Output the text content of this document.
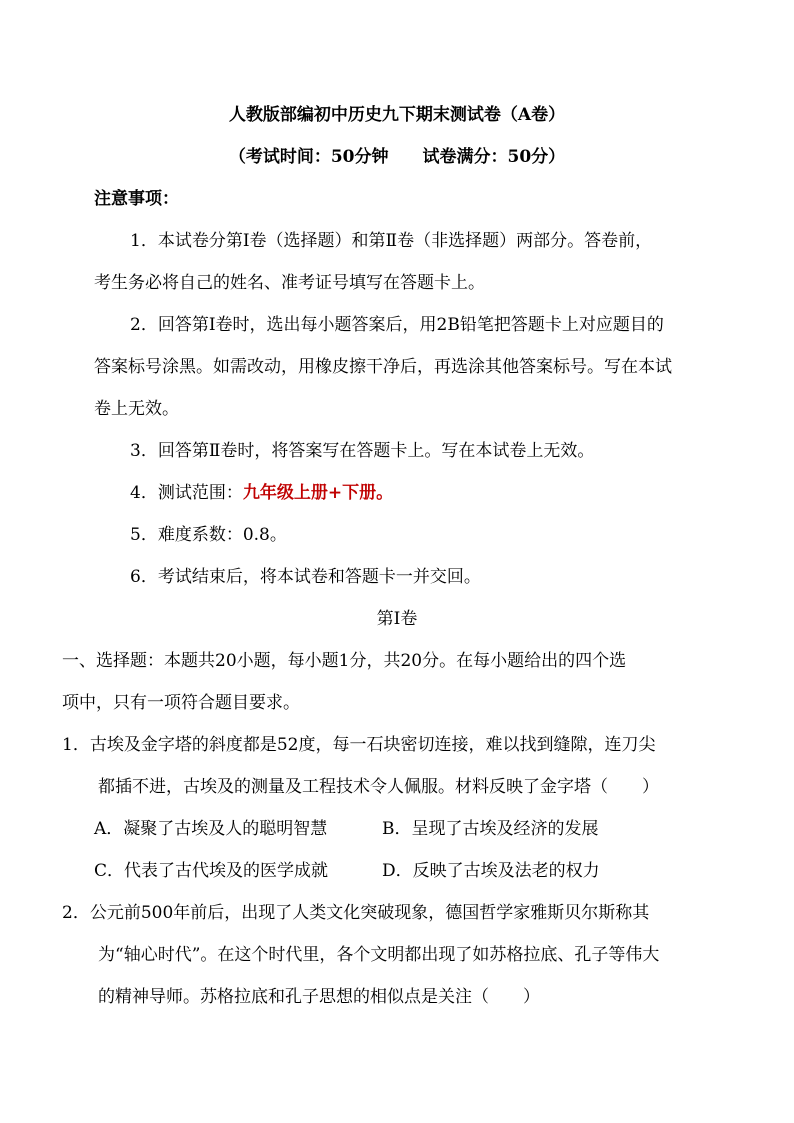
人教版部编初中历史九下期末测试卷（A卷）
（考试时间：50分钟　　试卷满分：50分）
注意事项：
1．本试卷分第Ⅰ卷（选择题）和第Ⅱ卷（非选择题）两部分。答卷前，
考生务必将自己的姓名、准考证号填写在答题卡上。
2．回答第Ⅰ卷时，选出每小题答案后，用2B铅笔把答题卡上对应题目的
答案标号涂黑。如需改动，用橡皮擦干净后，再选涂其他答案标号。写在本试
卷上无效。
3．回答第Ⅱ卷时，将答案写在答题卡上。写在本试卷上无效。
4．测试范围：九年级上册+下册。
5．难度系数：0.8。
6．考试结束后，将本试卷和答题卡一并交回。
第Ⅰ卷
一、选择题：本题共20小题，每小题1分，共20分。在每小题给出的四个选
项中，只有一项符合题目要求。
1．古埃及金字塔的斜度都是52度，每一石块密切连接，难以找到缝隙，连刀尖
都插不进，古埃及的测量及工程技术令人佩服。材料反映了金字塔（　　）
A．凝聚了古埃及人的聪明智慧	B．呈现了古埃及经济的发展
C．代表了古代埃及的医学成就	D．反映了古埃及法老的权力
2．公元前500年前后，出现了人类文化突破现象，德国哲学家雅斯贝尔斯称其
为“轴心时代”。在这个时代里，各个文明都出现了如苏格拉底、孔子等伟大
的精神导师。苏格拉底和孔子思想的相似点是关注（　　）
